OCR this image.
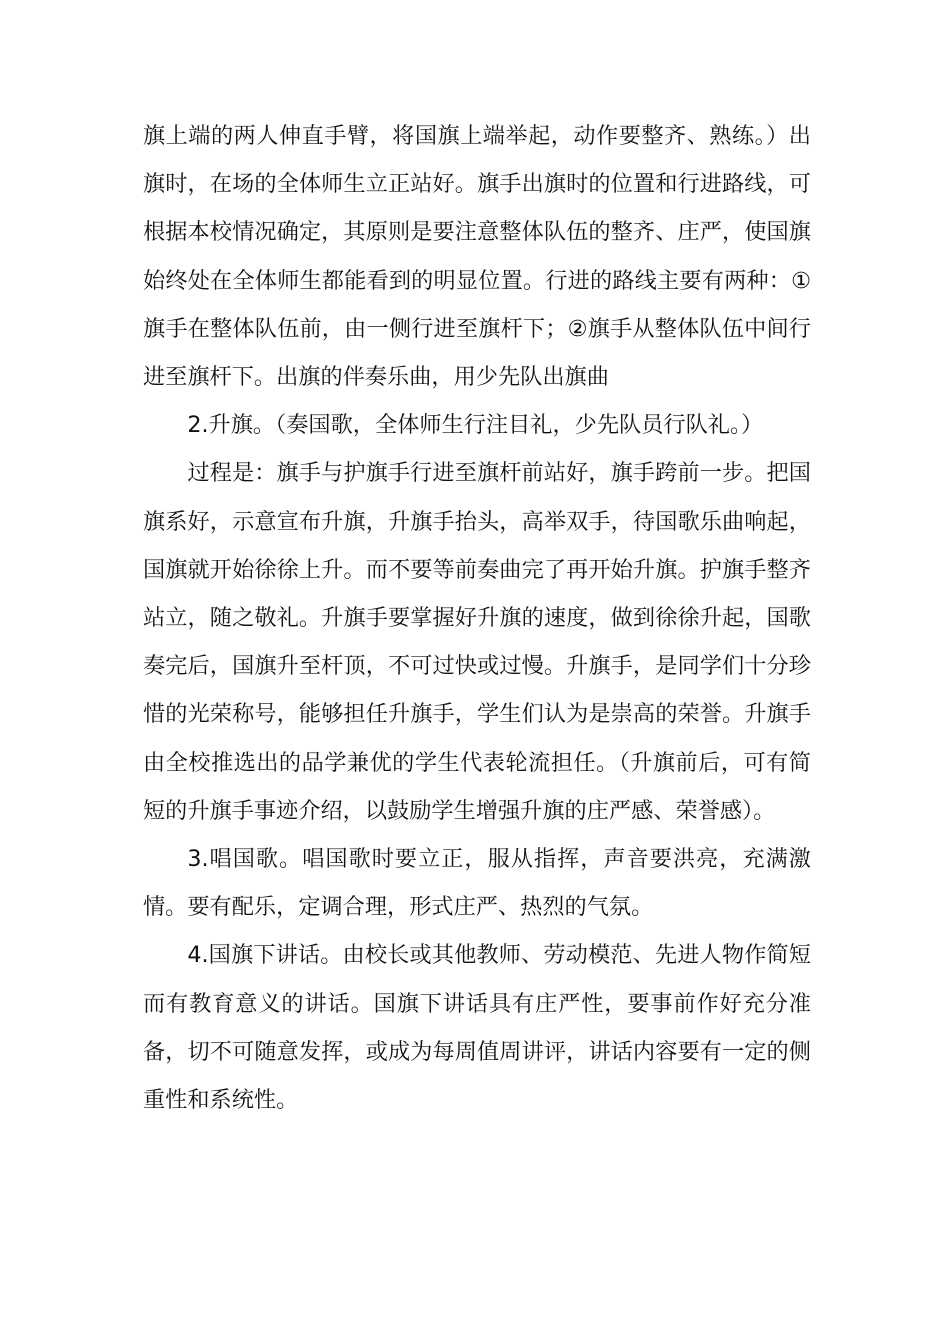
旗上端的两人伸直手臂，将国旗上端举起，动作要整齐、熟练。）出旗时，在场的全体师生立正站好。旗手出旗时的位置和行进路线，可根据本校情况确定，其原则是要注意整体队伍的整齐、庄严，使国旗始终处在全体师生都能看到的明显位置。行进的路线主要有两种：①旗手在整体队伍前，由一侧行进至旗杆下；②旗手从整体队伍中间行进至旗杆下。出旗的伴奏乐曲，用少先队出旗曲

2.升旗。（奏国歌，全体师生行注目礼，少先队员行队礼。）

过程是：旗手与护旗手行进至旗杆前站好，旗手跨前一步。把国旗系好，示意宣布升旗，升旗手抬头，高举双手，待国歌乐曲响起，国旗就开始徐徐上升。而不要等前奏曲完了再开始升旗。护旗手整齐站立，随之敬礼。升旗手要掌握好升旗的速度，做到徐徐升起，国歌奏完后，国旗升至杆顶，不可过快或过慢。升旗手，是同学们十分珍惜的光荣称号，能够担任升旗手，学生们认为是崇高的荣誉。升旗手由全校推选出的品学兼优的学生代表轮流担任。（升旗前后，可有简短的升旗手事迹介绍，以鼓励学生增强升旗的庄严感、荣誉感）。

3.唱国歌。唱国歌时要立正，服从指挥，声音要洪亮，充满激情。要有配乐，定调合理，形式庄严、热烈的气氛。

4.国旗下讲话。由校长或其他教师、劳动模范、先进人物作简短而有教育意义的讲话。国旗下讲话具有庄严性，要事前作好充分准备，切不可随意发挥，或成为每周值周讲评，讲话内容要有一定的侧重性和系统性。
